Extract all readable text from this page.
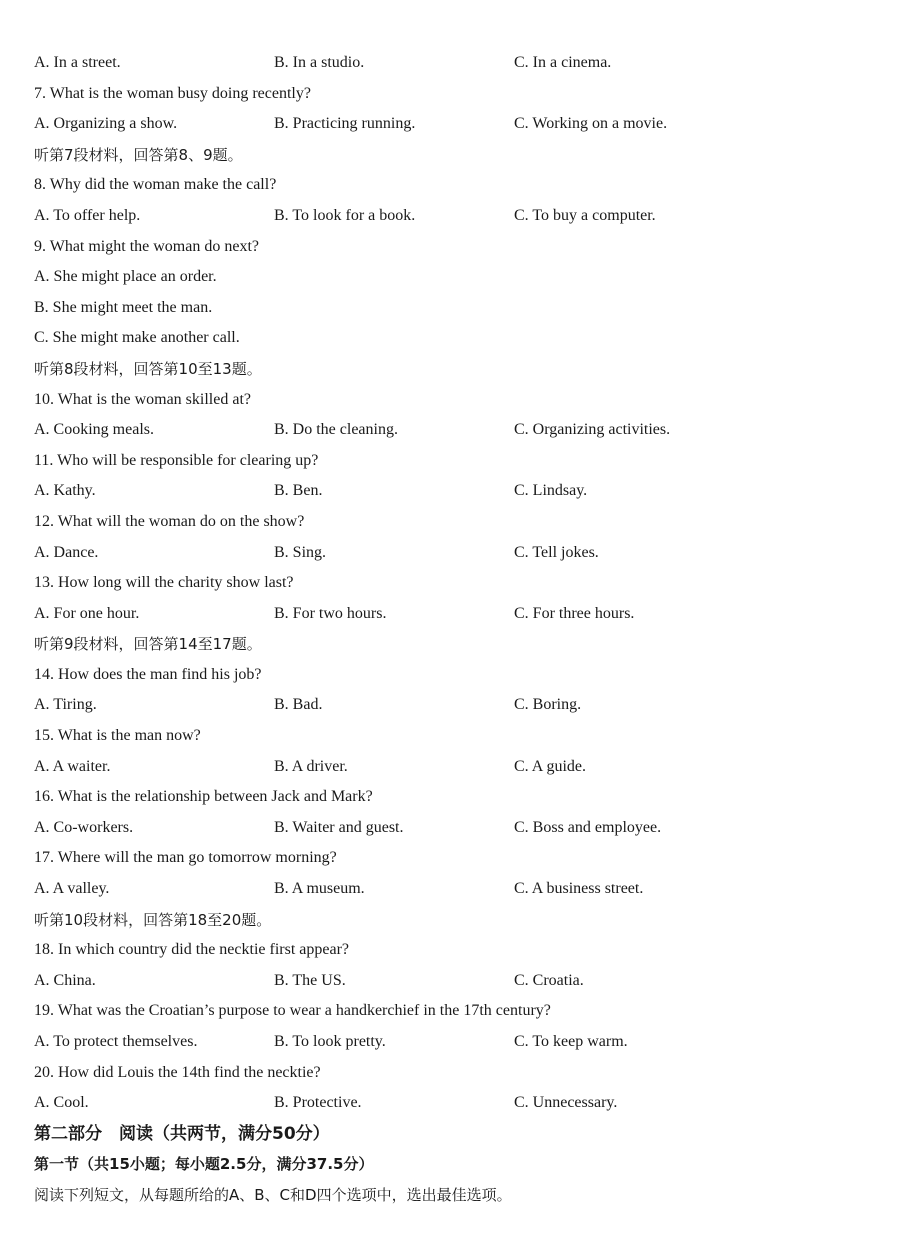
A. In a street.	B. In a studio.	C. In a cinema.
7. What is the woman busy doing recently?
A. Organizing a show.	B. Practicing running.	C. Working on a movie.
听第7段材料，回答第8、9题。
8. Why did the woman make the call?
A. To offer help.	B. To look for a book.	C. To buy a computer.
9. What might the woman do next?
A. She might place an order.
B. She might meet the man.
C. She might make another call.
听第8段材料，回答第10至13题。
10. What is the woman skilled at?
A. Cooking meals.	B. Do the cleaning.	C. Organizing activities.
11. Who will be responsible for clearing up?
A. Kathy.	B. Ben.	C. Lindsay.
12. What will the woman do on the show?
A. Dance.	B. Sing.	C. Tell jokes.
13. How long will the charity show last?
A. For one hour.	B. For two hours.	C. For three hours.
听第9段材料，回答第14至17题。
14. How does the man find his job?
A. Tiring.	B. Bad.	C. Boring.
15. What is the man now?
A. A waiter.	B. A driver.	C. A guide.
16. What is the relationship between Jack and Mark?
A. Co-workers.	B. Waiter and guest.	C. Boss and employee.
17. Where will the man go tomorrow morning?
A. A valley.	B. A museum.	C. A business street.
听第10段材料，回答第18至20题。
18. In which country did the necktie first appear?
A. China.	B. The US.	C. Croatia.
19. What was the Croatian’s purpose to wear a handkerchief in the 17th century?
A. To protect themselves.	B. To look pretty.	C. To keep warm.
20. How did Louis the 14th find the necktie?
A. Cool.	B. Protective.	C. Unnecessary.
第二部分　阅读（共两节，满分50分）
第一节（共15小题；每小题2.5分，满分37.5分）
阅读下列短文，从每题所给的A、B、C和D四个选项中，选出最佳选项。
